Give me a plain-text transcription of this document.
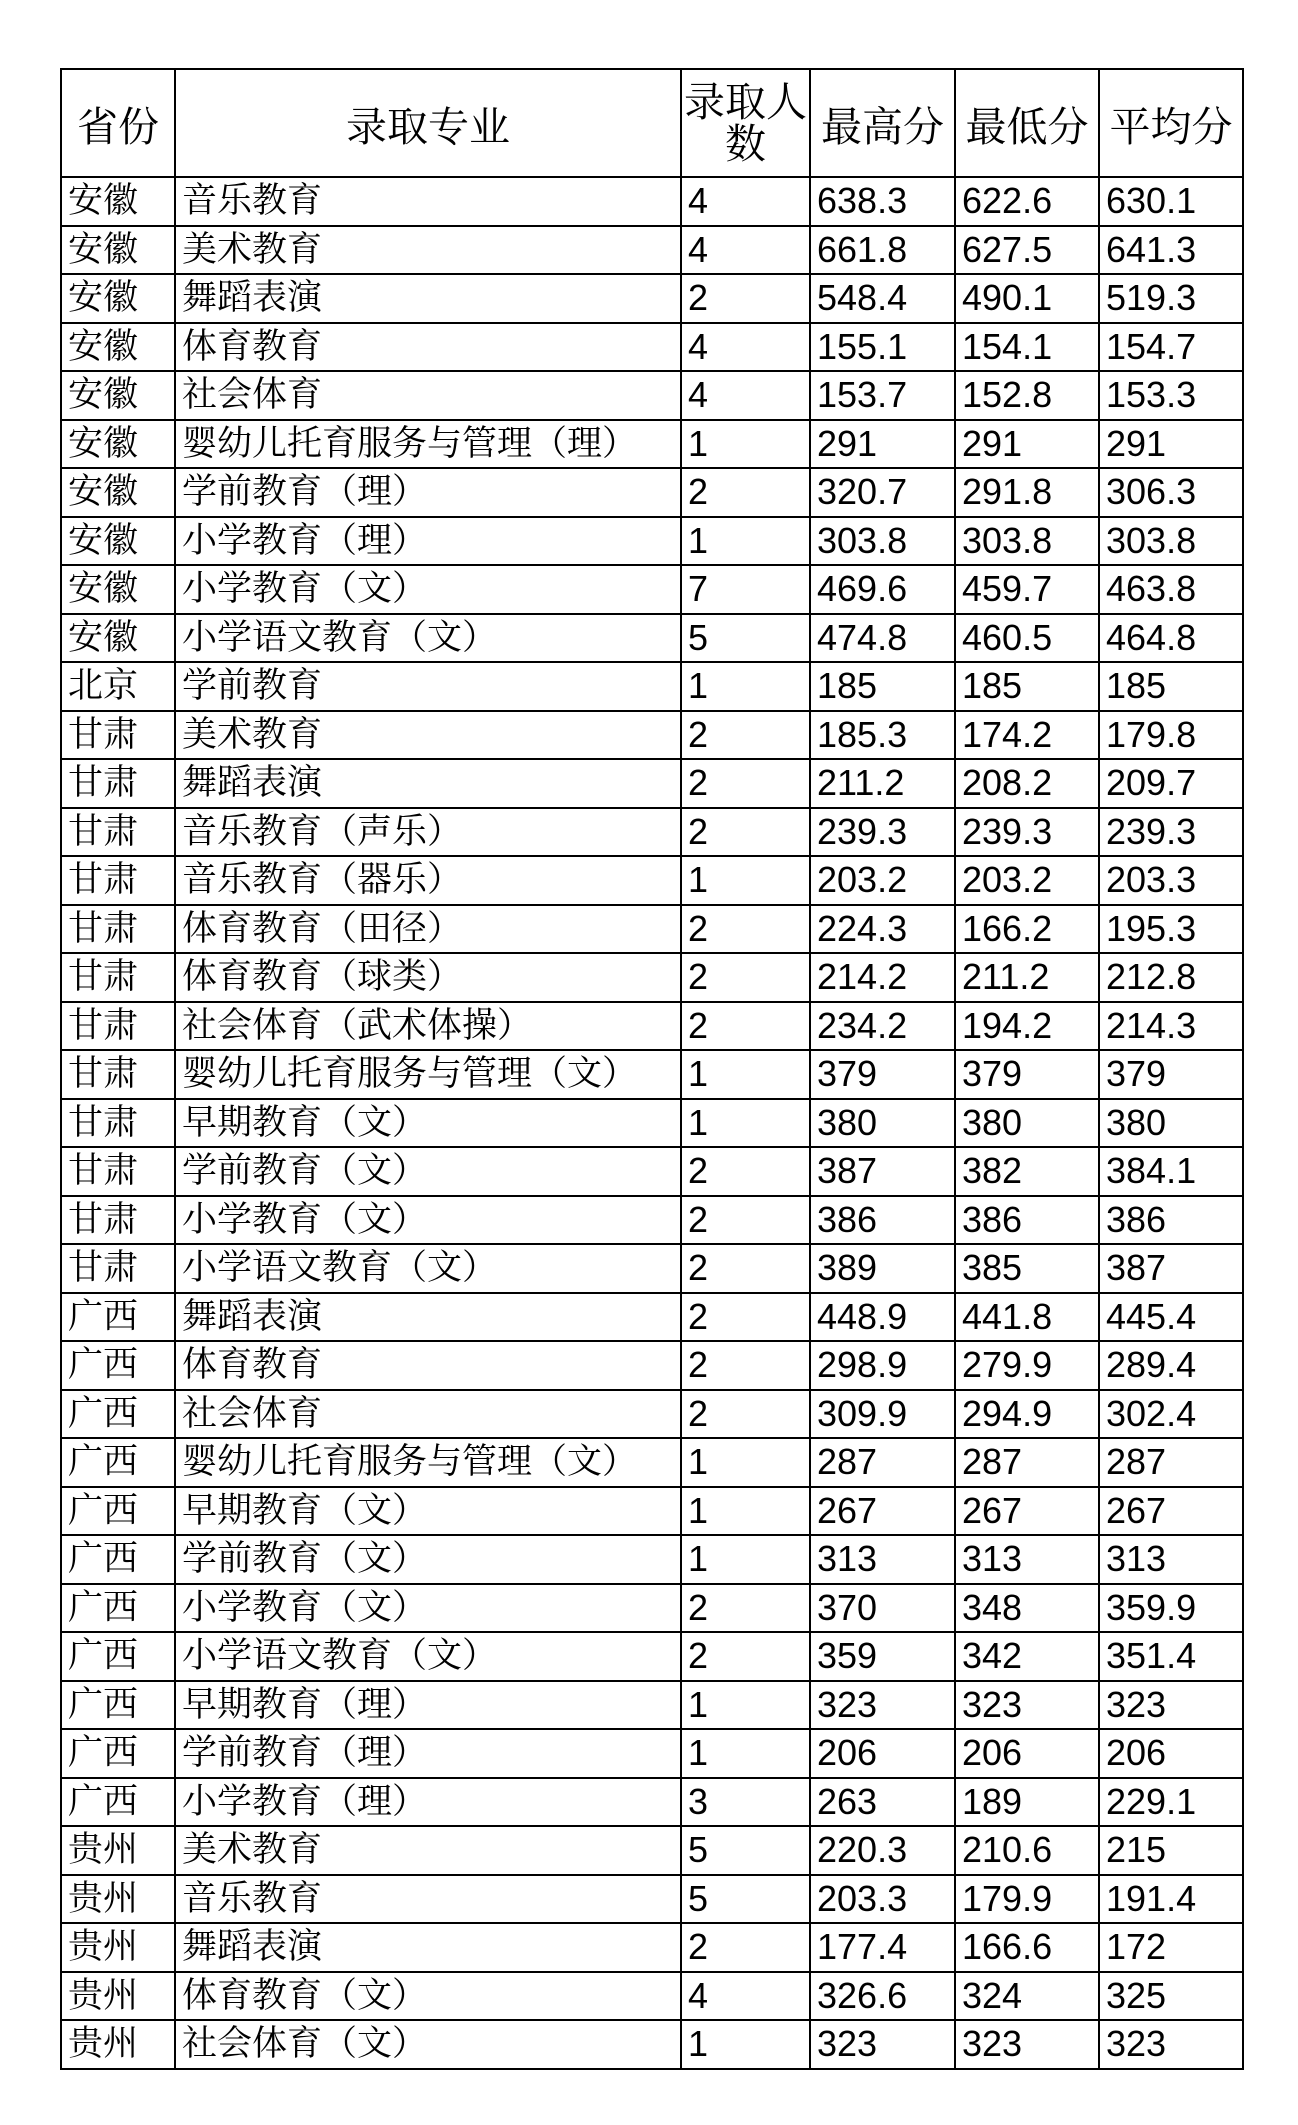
省份	录取专业	录取人数	最高分	最低分	平均分
安徽	音乐教育	4	638.3	622.6	630.1
安徽	美术教育	4	661.8	627.5	641.3
安徽	舞蹈表演	2	548.4	490.1	519.3
安徽	体育教育	4	155.1	154.1	154.7
安徽	社会体育	4	153.7	152.8	153.3
安徽	婴幼儿托育服务与管理（理）	1	291	291	291
安徽	学前教育（理）	2	320.7	291.8	306.3
安徽	小学教育（理）	1	303.8	303.8	303.8
安徽	小学教育（文）	7	469.6	459.7	463.8
安徽	小学语文教育（文）	5	474.8	460.5	464.8
北京	学前教育	1	185	185	185
甘肃	美术教育	2	185.3	174.2	179.8
甘肃	舞蹈表演	2	211.2	208.2	209.7
甘肃	音乐教育（声乐）	2	239.3	239.3	239.3
甘肃	音乐教育（器乐）	1	203.2	203.2	203.3
甘肃	体育教育（田径）	2	224.3	166.2	195.3
甘肃	体育教育（球类）	2	214.2	211.2	212.8
甘肃	社会体育（武术体操）	2	234.2	194.2	214.3
甘肃	婴幼儿托育服务与管理（文）	1	379	379	379
甘肃	早期教育（文）	1	380	380	380
甘肃	学前教育（文）	2	387	382	384.1
甘肃	小学教育（文）	2	386	386	386
甘肃	小学语文教育（文）	2	389	385	387
广西	舞蹈表演	2	448.9	441.8	445.4
广西	体育教育	2	298.9	279.9	289.4
广西	社会体育	2	309.9	294.9	302.4
广西	婴幼儿托育服务与管理（文）	1	287	287	287
广西	早期教育（文）	1	267	267	267
广西	学前教育（文）	1	313	313	313
广西	小学教育（文）	2	370	348	359.9
广西	小学语文教育（文）	2	359	342	351.4
广西	早期教育（理）	1	323	323	323
广西	学前教育（理）	1	206	206	206
广西	小学教育（理）	3	263	189	229.1
贵州	美术教育	5	220.3	210.6	215
贵州	音乐教育	5	203.3	179.9	191.4
贵州	舞蹈表演	2	177.4	166.6	172
贵州	体育教育（文）	4	326.6	324	325
贵州	社会体育（文）	1	323	323	323
